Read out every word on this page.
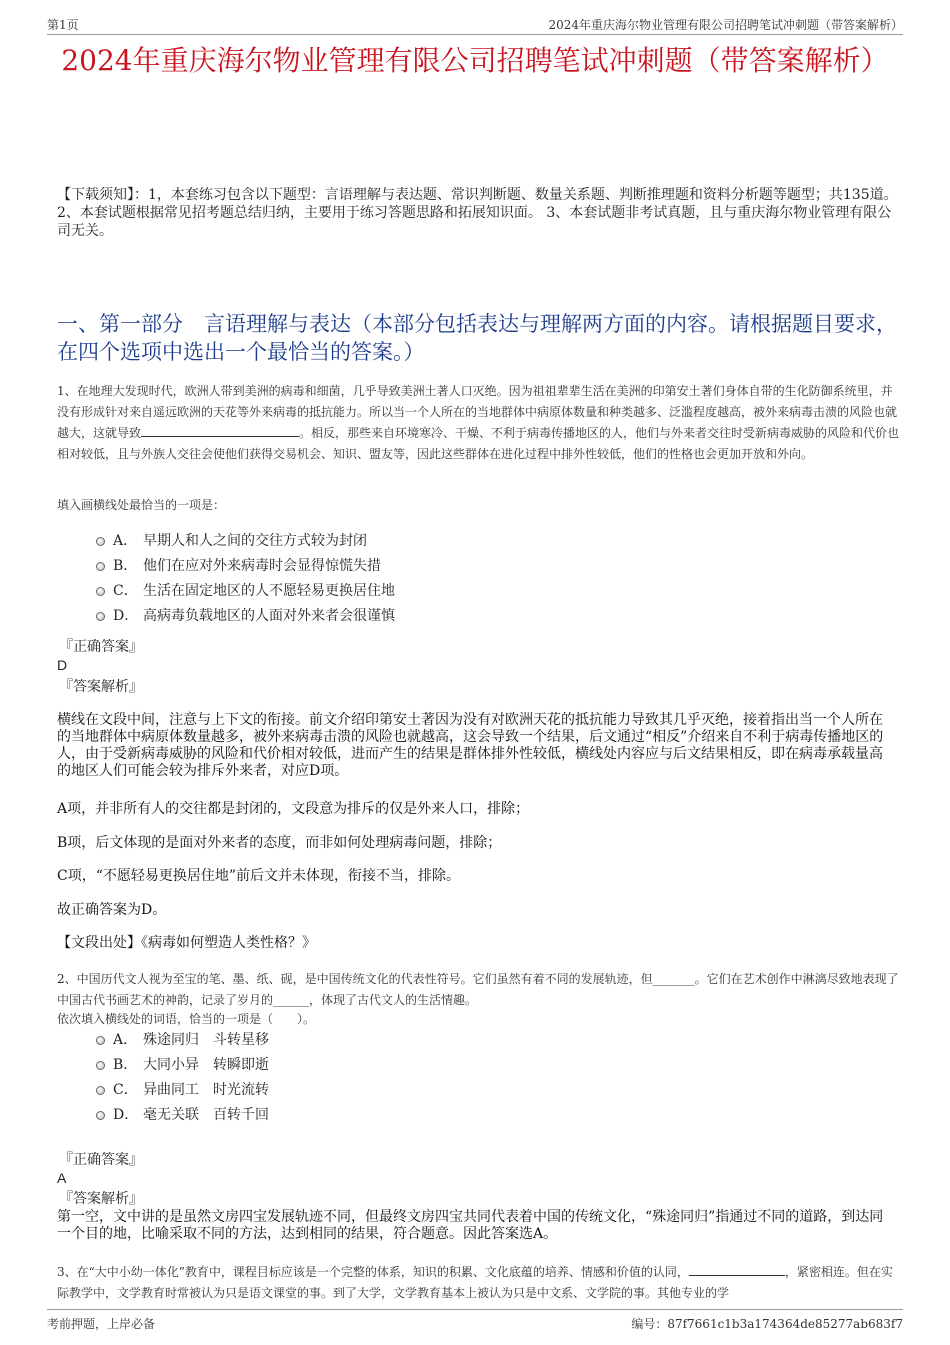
第1页	2024年重庆海尔物业管理有限公司招聘笔试冲刺题（带答案解析）
2024年重庆海尔物业管理有限公司招聘笔试冲刺题（带答案解析）
【下载须知】：1，本套练习包含以下题型：言语理解与表达题、常识判断题、数量关系题、判断推理题和资料分析题等题型；共135道。 2、本套试题根据常见招考题总结归纳，主要用于练习答题思路和拓展知识面。 3、本套试题非考试真题，且与重庆海尔物业管理有限公司无关。
一、第一部分　言语理解与表达（本部分包括表达与理解两方面的内容。请根据题目要求，在四个选项中选出一个最恰当的答案。）
1、在地理大发现时代，欧洲人带到美洲的病毒和细菌，几乎导致美洲土著人口灭绝。因为祖祖辈辈生活在美洲的印第安土著们身体自带的生化防御系统里，并没有形成针对来自遥远欧洲的天花等外来病毒的抵抗能力。所以当一个人所在的当地群体中病原体数量和种类越多、泛滥程度越高，被外来病毒击溃的风险也就越大，这就导致	。相反，那些来自环境寒冷、干燥、不利于病毒传播地区的人，他们与外来者交往时受新病毒威胁的风险和代价也相对较低，且与外族人交往会使他们获得交易机会、知识、盟友等，因此这些群体在进化过程中排外性较低，他们的性格也会更加开放和外向。
填入画横线处最恰当的一项是：
A． 早期人和人之间的交往方式较为封闭
B． 他们在应对外来病毒时会显得惊慌失措
C． 生活在固定地区的人不愿轻易更换居住地
D． 高病毒负载地区的人面对外来者会很谨慎
『正确答案』
D
『答案解析』
横线在文段中间，注意与上下文的衔接。前文介绍印第安土著因为没有对欧洲天花的抵抗能力导致其几乎灭绝，接着指出当一个人所在的当地群体中病原体数量越多，被外来病毒击溃的风险也就越高，这会导致一个结果，后文通过“相反”介绍来自不利于病毒传播地区的人，由于受新病毒威胁的风险和代价相对较低，进而产生的结果是群体排外性较低，横线处内容应与后文结果相反，即在病毒承载量高的地区人们可能会较为排斥外来者，对应D项。
A项，并非所有人的交往都是封闭的，文段意为排斥的仅是外来人口，排除；
B项，后文体现的是面对外来者的态度，而非如何处理病毒问题，排除；
C项，“不愿轻易更换居住地”前后文并未体现，衔接不当，排除。
故正确答案为D。
【文段出处】《病毒如何塑造人类性格？》
2、中国历代文人视为至宝的笔、墨、纸、砚，是中国传统文化的代表性符号。它们虽然有着不同的发展轨迹，但_______。它们在艺术创作中淋漓尽致地表现了中国古代书画艺术的神韵，记录了岁月的______，体现了古代文人的生活情趣。
依次填入横线处的词语，恰当的一项是（　　）。
A． 殊途同归　斗转星移
B． 大同小异　转瞬即逝
C． 异曲同工　时光流转
D． 毫无关联　百转千回
『正确答案』
A
『答案解析』
第一空，文中讲的是虽然文房四宝发展轨迹不同，但最终文房四宝共同代表着中国的传统文化，“殊途同归”指通过不同的道路，到达同一个目的地，比喻采取不同的方法，达到相同的结果，符合题意。因此答案选A。
3、在“大中小幼一体化”教育中，课程目标应该是一个完整的体系，知识的积累、文化底蕴的培养、情感和价值的认同，	，紧密相连。但在实际教学中，文学教育时常被认为只是语文课堂的事。到了大学，文学教育基本上被认为只是中文系、文学院的事。其他专业的学
考前押题，上岸必备	编号：87f7661c1b3a174364de85277ab683f7
